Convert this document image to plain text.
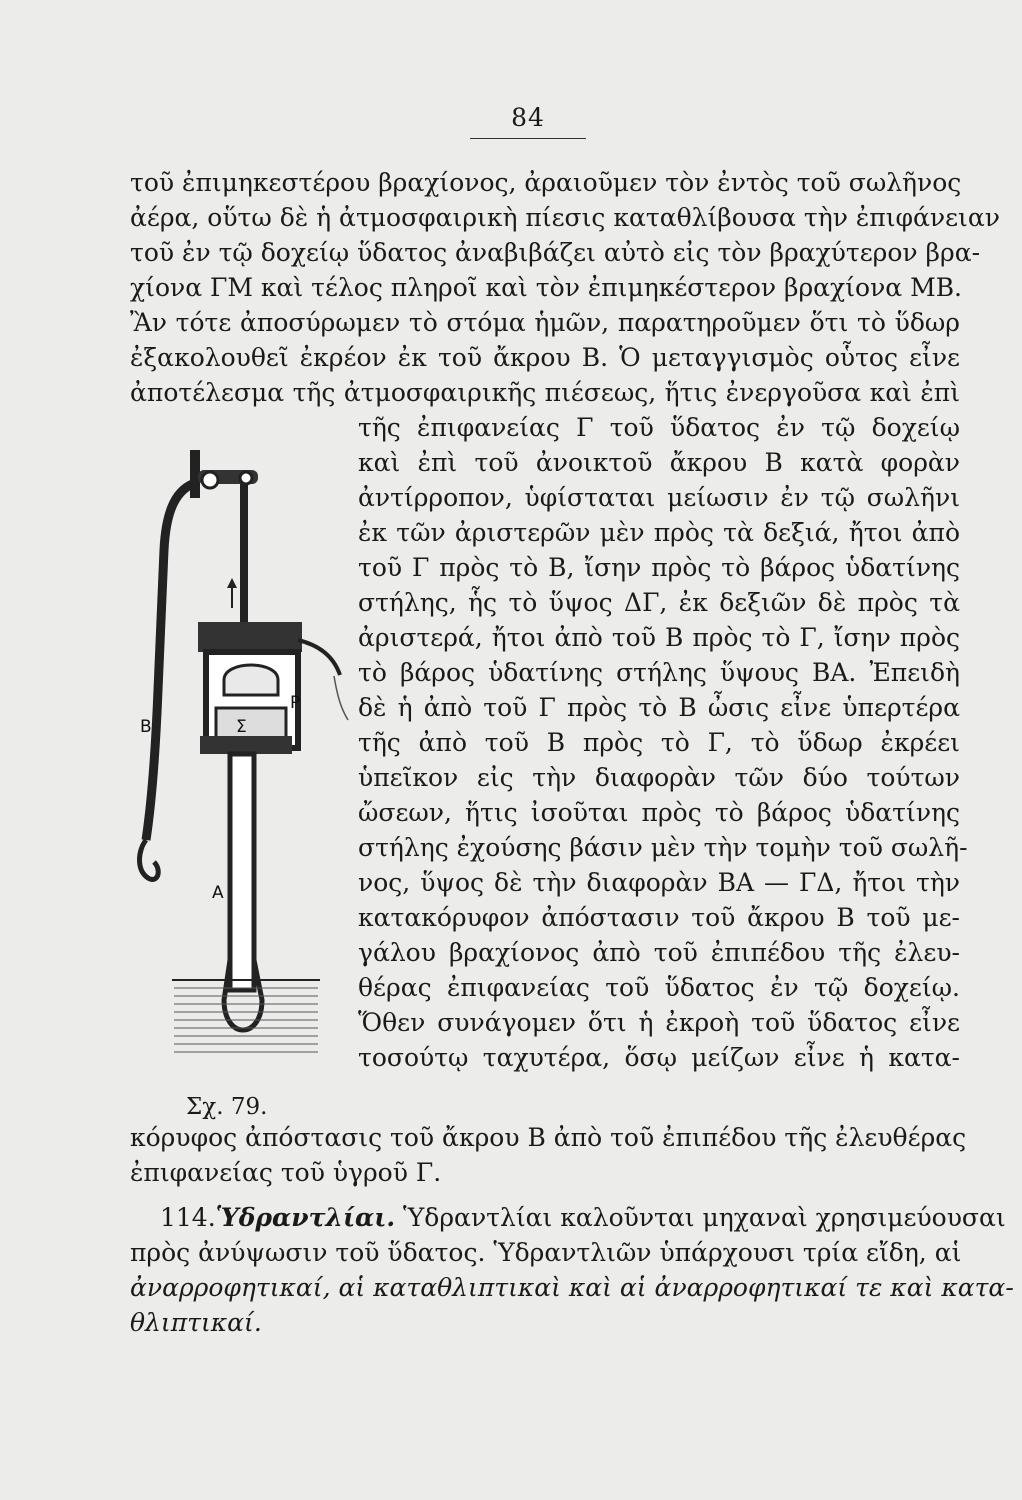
84
τοῦ ἐπιμηκεστέρου βραχίονος, ἀραιοῦμεν τὸν ἐντὸς τοῦ σωλῆνος
ἀέρα, οὕτω δὲ ἡ ἀτμοσφαιρικὴ πίεσις καταθλίβουσα τὴν ἐπιφάνειαν
τοῦ ἐν τῷ δοχείῳ ὕδατος ἀναβιβάζει αὐτὸ εἰς τὸν βραχύτερον βρα-
χίονα ΓΜ καὶ τέλος πληροῖ καὶ τὸν ἐπιμηκέστερον βραχίονα ΜΒ.
Ἂν τότε ἀποσύρωμεν τὸ στόμα ἡμῶν, παρατηροῦμεν ὅτι τὸ ὕδωρ
ἐξακολουθεῖ ἐκρέον ἐκ τοῦ ἄκρου Β. Ὁ μεταγγισμὸς οὗτος εἶνε
ἀποτέλεσμα τῆς ἀτμοσφαιρικῆς πιέσεως, ἥτις ἐνεργοῦσα καὶ ἐπὶ
τῆς ἐπιφανείας Γ τοῦ ὕδατος ἐν τῷ δοχείῳ
καὶ ἐπὶ τοῦ ἀνοικτοῦ ἄκρου Β κατὰ φορὰν
ἀντίρροπον, ὑφίσταται μείωσιν ἐν τῷ σωλῆνι
ἐκ τῶν ἀριστερῶν μὲν πρὸς τὰ δεξιά, ἤτοι ἀπὸ
τοῦ Γ πρὸς τὸ Β, ἴσην πρὸς τὸ βάρος ὑδατίνης
στήλης, ἧς τὸ ὕψος ΔΓ, ἐκ δεξιῶν δὲ πρὸς τὰ
ἀριστερά, ἤτοι ἀπὸ τοῦ Β πρὸς τὸ Γ, ἴσην πρὸς
τὸ βάρος ὑδατίνης στήλης ὕψους ΒΑ. Ἐπειδὴ
δὲ ἡ ἀπὸ τοῦ Γ πρὸς τὸ Β ὦσις εἶνε ὑπερτέρα
τῆς ἀπὸ τοῦ Β πρὸς τὸ Γ, τὸ ὕδωρ ἐκρέει
ὑπεῖκον εἰς τὴν διαφορὰν τῶν δύο τούτων
ὤσεων, ἥτις ἰσοῦται πρὸς τὸ βάρος ὑδατίνης
στήλης ἐχούσης βάσιν μὲν τὴν τομὴν τοῦ σωλῆ-
νος, ὕψος δὲ τὴν διαφορὰν ΒΑ — ΓΔ, ἤτοι τὴν
κατακόρυφον ἀπόστασιν τοῦ ἄκρου Β τοῦ με-
γάλου βραχίονος ἀπὸ τοῦ ἐπιπέδου τῆς ἐλευ-
θέρας ἐπιφανείας τοῦ ὕδατος ἐν τῷ δοχείῳ.
Ὅθεν συνάγομεν ὅτι ἡ ἐκροὴ τοῦ ὕδατος εἶνε
τοσούτῳ ταχυτέρα, ὅσῳ μείζων εἶνε ἡ κατα-
κόρυφος ἀπόστασις τοῦ ἄκρου Β ἀπὸ τοῦ ἐπιπέδου τῆς ἐλευθέρας
ἐπιφανείας τοῦ ὑγροῦ Γ.
114.Ὑδραντλίαι. Ὑδραντλίαι καλοῦνται μηχαναὶ χρησιμεύουσαι
πρὸς ἀνύψωσιν τοῦ ὕδατος. Ὑδραντλιῶν ὑπάρχουσι τρία εἴδη, αἱ
ἀναρροφητικαί, αἱ καταθλιπτικαὶ καὶ αἱ ἀναρροφητικαί τε καὶ κατα-
θλιπτικαί.
B
P
Σ
A
Σχ. 79.
